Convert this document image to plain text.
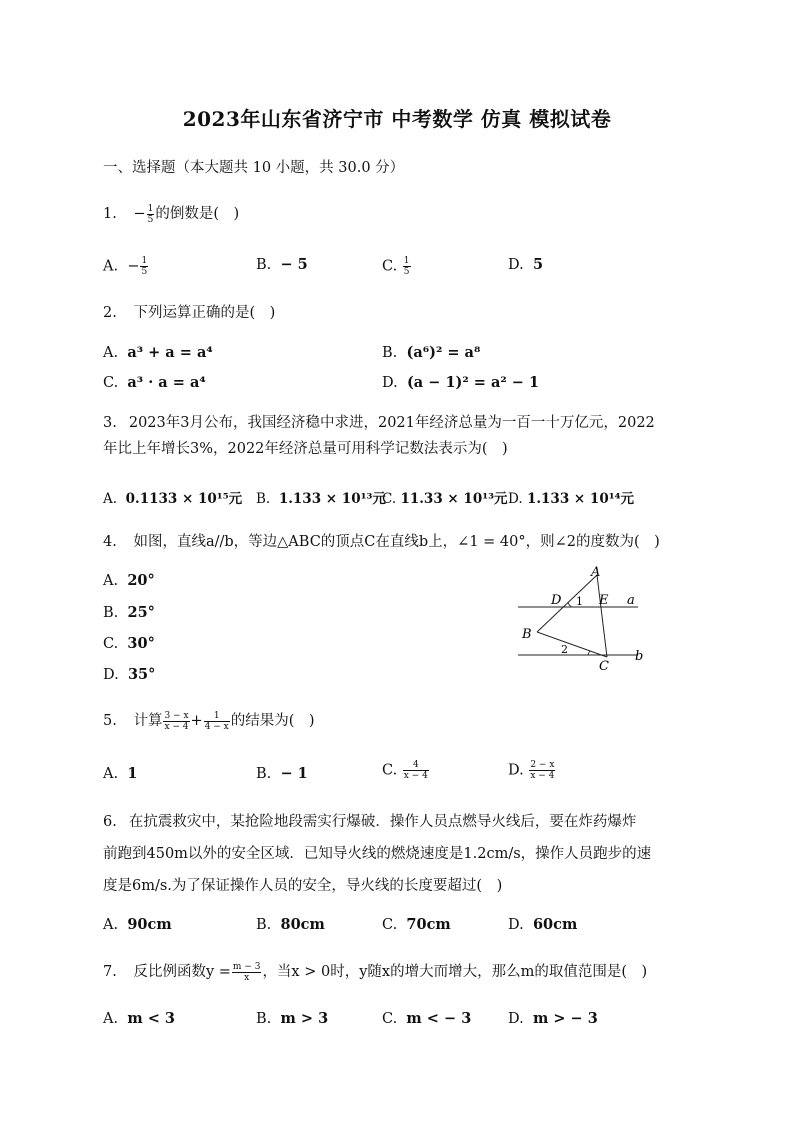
2023年山东省济宁市 中考数学 仿真 模拟试卷
一、选择题（本大题共 10 小题，共 30.0 分）
1. − $\frac{1}{5}$ 的倒数是(　)
A. − $\frac{1}{5}$	B. − 5	C. $\frac{1}{5}$	D. 5
2. 下列运算正确的是(　)
A. a³ + a = a⁴	B. (a⁶)² = a⁸
C. a³ · a = a⁴	D. (a − 1)² = a² − 1
3. 2023年3月公布，我国经济稳中求进，2021年经济总量为一百一十万亿元，2022
年比上年增长3%，2022年经济总量可用科学记数法表示为(　)
A. 0.1133 × 10¹⁵元 B. 1.133 × 10¹³元
C. 11.33 × 10¹³元 D. 1.133 × 10¹⁴元
4. 如图，直线a//b，等边△ABC的顶点C在直线b上，∠1 = 40°，则∠2的度数为(　)
A. 20°
B. 25°
C. 30°
D. 35°
A
B
C
D	E a
b
1
2
5. 计算 $\frac{3 - x}{x - 4} + \frac{1}{4 - x}$ 的结果为(　)
A. 1	B. − 1	C. $\frac{4}{x - 4}$	D. $\frac{2 - x}{x - 4}$
6. 在抗震救灾中，某抢险地段需实行爆破．操作人员点燃导火线后，要在炸药爆炸
前跑到450m以外的安全区域．已知导火线的燃烧速度是1.2cm/s，操作人员跑步的速
度是6m/s.为了保证操作人员的安全，导火线的长度要超过(　)
A. 90cm	B. 80cm	C. 70cm	D. 60cm
7. 反比例函数$y = \frac{m - 3}{x}$ ，当x > 0时，y随x的增大而增大，那么m的取值范围是(　)
A. m < 3	B. m > 3	C. m < − 3	D. m > − 3
